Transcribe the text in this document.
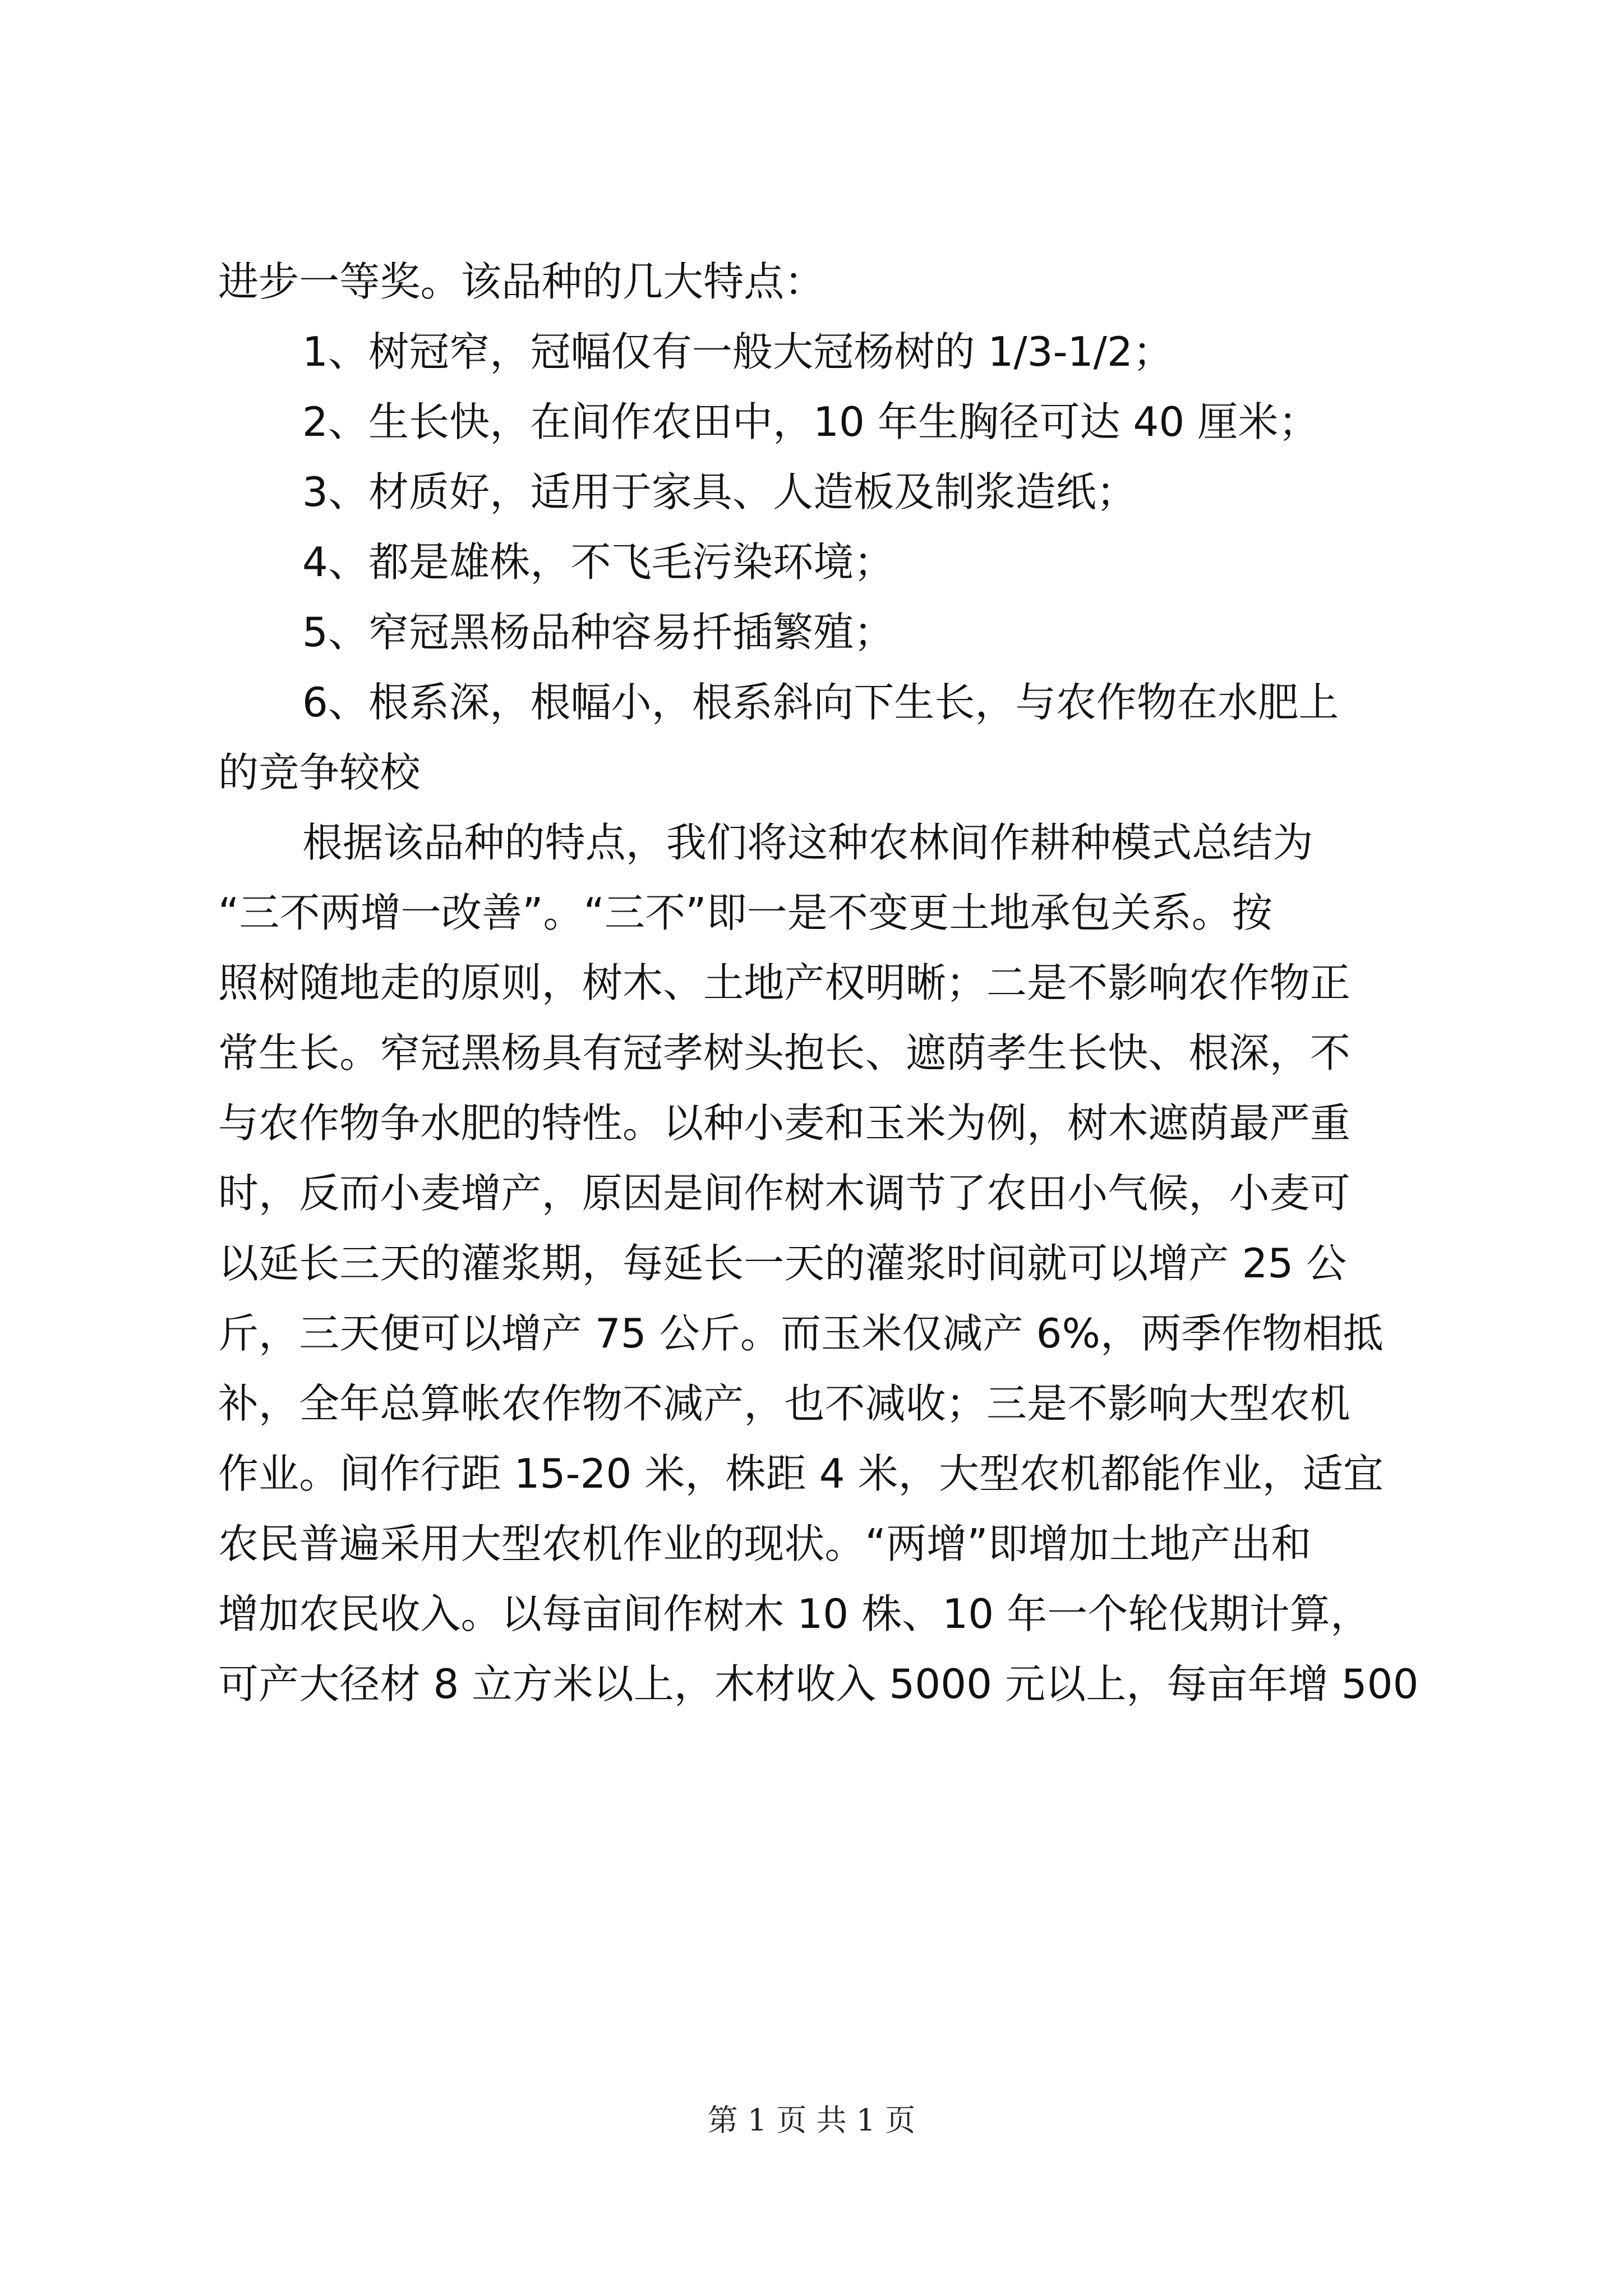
进步一等奖。该品种的几大特点：
1、树冠窄，冠幅仅有一般大冠杨树的 1/3-1/2；
2、生长快，在间作农田中，10 年生胸径可达 40 厘米；
3、材质好，适用于家具、人造板及制浆造纸；
4、都是雄株，不飞毛污染环境；
5、窄冠黑杨品种容易扦插繁殖；
6、根系深，根幅小，根系斜向下生长，与农作物在水肥上
的竞争较校
根据该品种的特点，我们将这种农林间作耕种模式总结为
“三不两增一改善”。“三不”即一是不变更土地承包关系。按
照树随地走的原则，树木、土地产权明晰；二是不影响农作物正
常生长。窄冠黑杨具有冠孝树头抱长、遮荫孝生长快、根深，不
与农作物争水肥的特性。以种小麦和玉米为例，树木遮荫最严重
时，反而小麦增产，原因是间作树木调节了农田小气候，小麦可
以延长三天的灌浆期，每延长一天的灌浆时间就可以增产 25 公
斤，三天便可以增产 75 公斤。而玉米仅减产 6%，两季作物相抵
补，全年总算帐农作物不减产，也不减收；三是不影响大型农机
作业。间作行距 15-20 米，株距 4 米，大型农机都能作业，适宜
农民普遍采用大型农机作业的现状。“两增”即增加土地产出和
增加农民收入。以每亩间作树木 10 株、10 年一个轮伐期计算，
可产大径材 8 立方米以上，木材收入 5000 元以上，每亩年增 500
第 1 页 共 1 页
